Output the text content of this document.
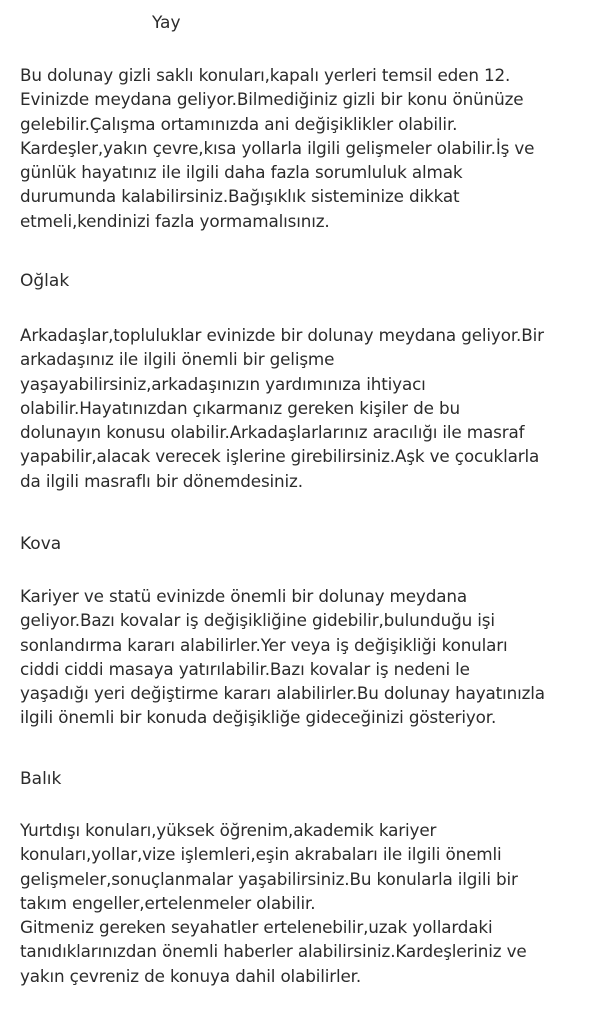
Yay
Bu dolunay gizli saklı konuları,kapalı yerleri temsil eden 12.
Evinizde meydana geliyor.Bilmediğiniz gizli bir konu önünüze
gelebilir.Çalışma ortamınızda ani değişiklikler olabilir.
Kardeşler,yakın çevre,kısa yollarla ilgili gelişmeler olabilir.İş ve
günlük hayatınız ile ilgili daha fazla sorumluluk almak
durumunda kalabilirsiniz.Bağışıklık sisteminize dikkat
etmeli,kendinizi fazla yormamalısınız.
Oğlak
Arkadaşlar,topluluklar evinizde bir dolunay meydana geliyor.Bir
arkadaşınız ile ilgili önemli bir gelişme
yaşayabilirsiniz,arkadaşınızın yardımınıza ihtiyacı
olabilir.Hayatınızdan çıkarmanız gereken kişiler de bu
dolunayın konusu olabilir.Arkadaşlarlarınız aracılığı ile masraf
yapabilir,alacak verecek işlerine girebilirsiniz.Aşk ve çocuklarla
da ilgili masraflı bir dönemdesiniz.
Kova
Kariyer ve statü evinizde önemli bir dolunay meydana
geliyor.Bazı kovalar iş değişikliğine gidebilir,bulunduğu işi
sonlandırma kararı alabilirler.Yer veya iş değişikliği konuları
ciddi ciddi masaya yatırılabilir.Bazı kovalar iş nedeni le
yaşadığı yeri değiştirme kararı alabilirler.Bu dolunay hayatınızla
ilgili önemli bir konuda değişikliğe gideceğinizi gösteriyor.
Balık
Yurtdışı konuları,yüksek öğrenim,akademik kariyer
konuları,yollar,vize işlemleri,eşin akrabaları ile ilgili önemli
gelişmeler,sonuçlanmalar yaşabilirsiniz.Bu konularla ilgili bir
takım engeller,ertelenmeler olabilir.
Gitmeniz gereken seyahatler ertelenebilir,uzak yollardaki
tanıdıklarınızdan önemli haberler alabilirsiniz.Kardeşleriniz ve
yakın çevreniz de konuya dahil olabilirler.
